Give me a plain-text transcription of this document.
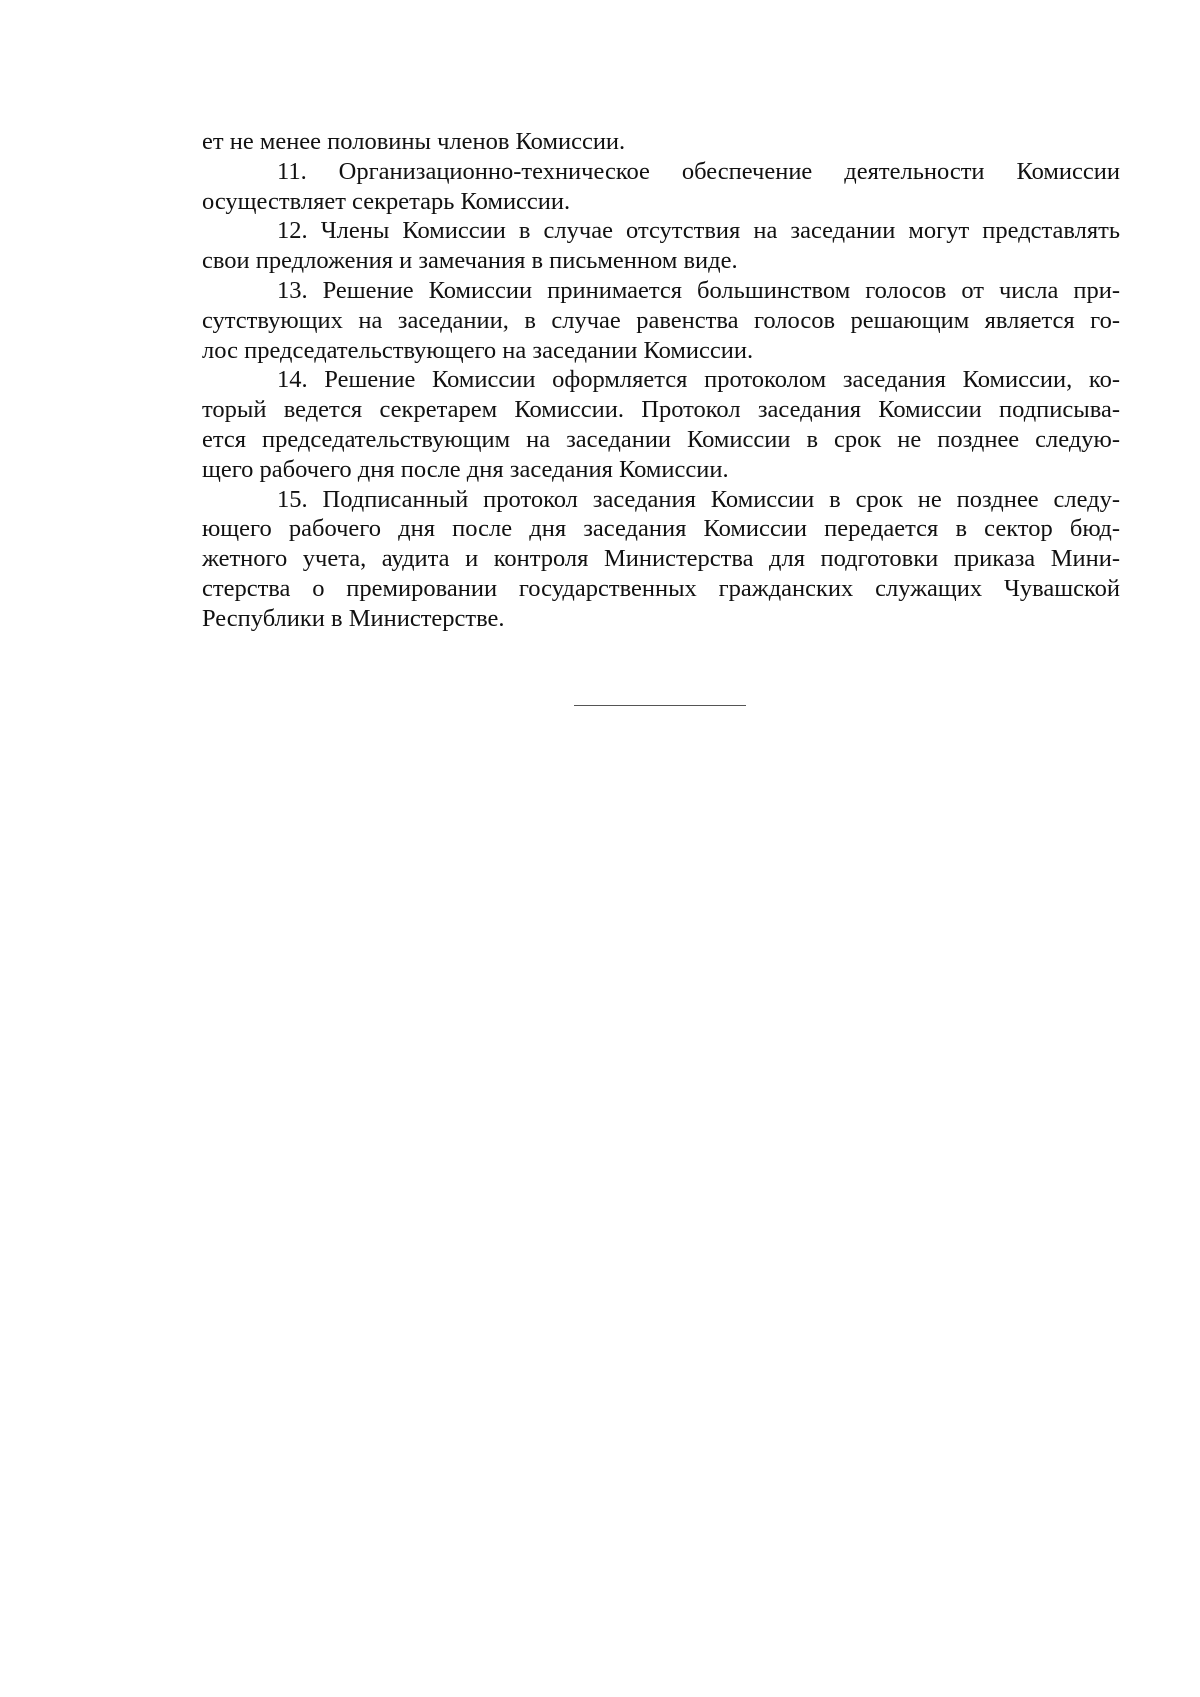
ет не менее половины членов Комиссии.
11. Организационно-техническое обеспечение деятельности Комиссии
осуществляет секретарь Комиссии.
12. Члены Комиссии в случае отсутствия на заседании могут представлять
свои предложения и замечания в письменном виде.
13. Решение Комиссии принимается большинством голосов от числа при-
сутствующих на заседании, в случае равенства голосов решающим является го-
лос председательствующего на заседании Комиссии.
14. Решение Комиссии оформляется протоколом заседания Комиссии, ко-
торый ведется секретарем Комиссии. Протокол заседания Комиссии подписыва-
ется председательствующим на заседании Комиссии в срок не позднее следую-
щего рабочего дня после дня заседания Комиссии.
15. Подписанный протокол заседания Комиссии в срок не позднее следу-
ющего рабочего дня после дня заседания Комиссии передается в сектор бюд-
жетного учета, аудита и контроля Министерства для подготовки приказа Мини-
стерства о премировании государственных гражданских служащих Чувашской
Республики в Министерстве.
